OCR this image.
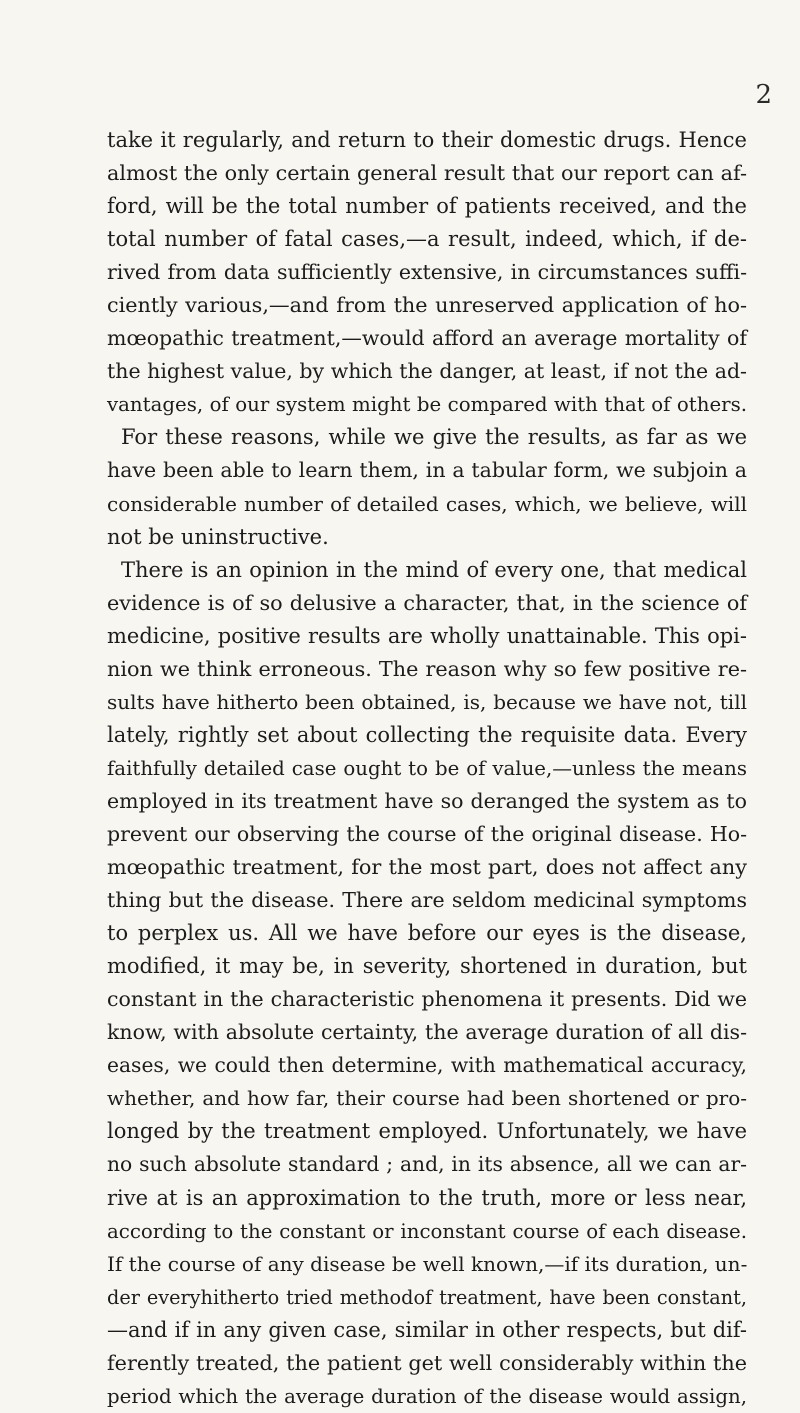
2
take it regularly, and return to their domestic drugs. Hence
almost the only certain general result that our report can af-
ford, will be the total number of patients received, and the
total number of fatal cases,—a result, indeed, which, if de-
rived from data sufficiently extensive, in circumstances suffi-
ciently various,—and from the unreserved application of ho-
mœopathic treatment,—would afford an average mortality of
the highest value, by which the danger, at least, if not the ad-
vantages, of our system might be compared with that of others.
For these reasons, while we give the results, as far as we
have been able to learn them, in a tabular form, we subjoin a
considerable number of detailed cases, which, we believe, will
not be uninstructive.
There is an opinion in the mind of every one, that medical
evidence is of so delusive a character, that, in the science of
medicine, positive results are wholly unattainable. This opi-
nion we think erroneous. The reason why so few positive re-
sults have hitherto been obtained, is, because we have not, till
lately, rightly set about collecting the requisite data. Every
faithfully detailed case ought to be of value,—unless the means
employed in its treatment have so deranged the system as to
prevent our observing the course of the original disease. Ho-
mœopathic treatment, for the most part, does not affect any
thing but the disease. There are seldom medicinal symptoms
to perplex us. All we have before our eyes is the disease,
modified, it may be, in severity, shortened in duration, but
constant in the characteristic phenomena it presents. Did we
know, with absolute certainty, the average duration of all dis-
eases, we could then determine, with mathematical accuracy,
whether, and how far, their course had been shortened or pro-
longed by the treatment employed. Unfortunately, we have
no such absolute standard ; and, in its absence, all we can ar-
rive at is an approximation to the truth, more or less near,
according to the constant or inconstant course of each disease.
If the course of any disease be well known,—if its duration, un-
der everyhitherto tried methodof treatment, have been constant,
—and if in any given case, similar in other respects, but dif-
ferently treated, the patient get well considerably within the
period which the average duration of the disease would assign,
